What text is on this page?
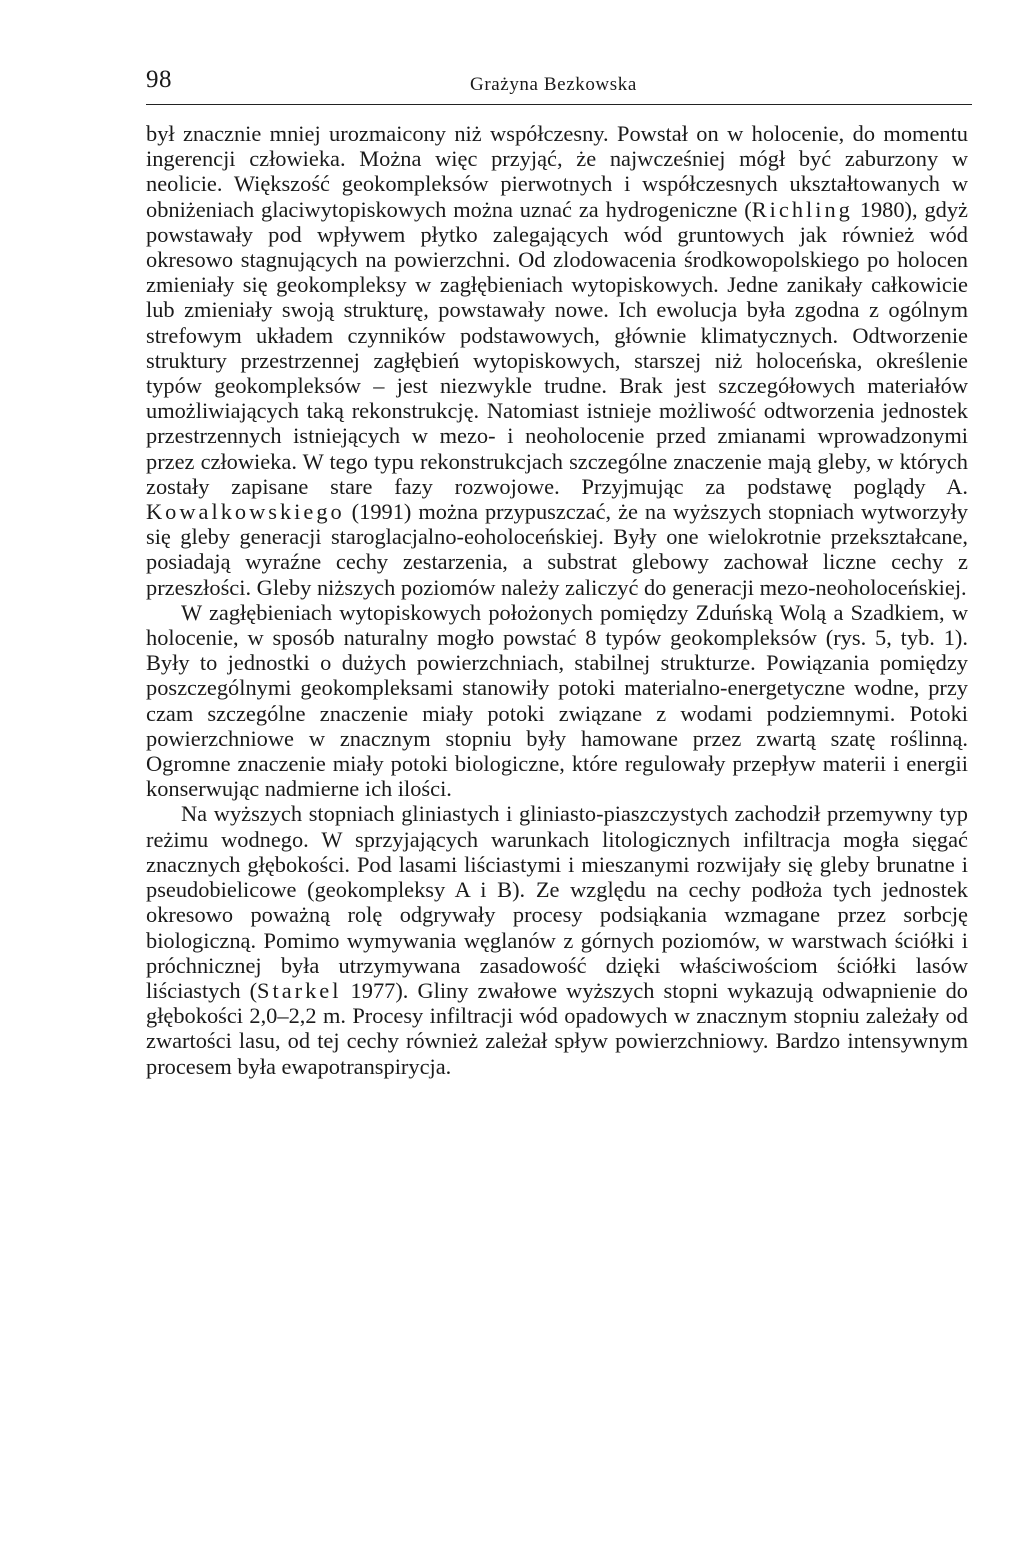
98	Grażyna Bezkowska

był znacznie mniej urozmaicony niż współczesny. Powstał on w holocenie, do momentu ingerencji człowieka. Można więc przyjąć, że najwcześniej mógł być zaburzony w neolicie. Większość geokompleksów pierwotnych i współczesnych ukształtowanych w obniżeniach glaciwytopiskowych można uznać za hydrogeniczne (Richling 1980), gdyż powstawały pod wpływem płytko zalegających wód gruntowych jak również wód okresowo stagnujących na powierzchni. Od zlodowacenia środkowopolskiego po holocen zmieniały się geokompleksy w zagłębieniach wytopiskowych. Jedne zanikały całkowicie lub zmieniały swoją strukturę, powstawały nowe. Ich ewolucja była zgodna z ogólnym strefowym układem czynników podstawowych, głównie klimatycznych. Odtworzenie struktury przestrzennej zagłębień wytopiskowych, starszej niż holoceńska, określenie typów geokompleksów – jest niezwykle trudne. Brak jest szczegółowych materiałów umożliwiających taką rekonstrukcję. Natomiast istnieje możliwość odtworzenia jednostek przestrzennych istniejących w mezo- i neoholocenie przed zmianami wprowadzonymi przez człowieka. W tego typu rekonstrukcjach szczególne znaczenie mają gleby, w których zostały zapisane stare fazy rozwojowe. Przyjmując za podstawę poglądy A. Kowalkowskiego (1991) można przypuszczać, że na wyższych stopniach wytworzyły się gleby generacji staroglacjalno-eoholoceńskiej. Były one wielokrotnie przekształcane, posiadają wyraźne cechy zestarzenia, a substrat glebowy zachował liczne cechy z przeszłości. Gleby niższych poziomów należy zaliczyć do generacji mezo-neoholoceńskiej.

W zagłębieniach wytopiskowych położonych pomiędzy Zduńską Wolą a Szadkiem, w holocenie, w sposób naturalny mogło powstać 8 typów geokompleksów (rys. 5, tyb. 1). Były to jednostki o dużych powierzchniach, stabilnej strukturze. Powiązania pomiędzy poszczególnymi geokompleksami stanowiły potoki materialno-energetyczne wodne, przy czam szczególne znaczenie miały potoki związane z wodami podziemnymi. Potoki powierzchniowe w znacznym stopniu były hamowane przez zwartą szatę roślinną. Ogromne znaczenie miały potoki biologiczne, które regulowały przepływ materii i energii konserwując nadmierne ich ilości.

Na wyższych stopniach gliniastych i gliniasto-piaszczystych zachodził przemywny typ reżimu wodnego. W sprzyjających warunkach litologicznych infiltracja mogła sięgać znacznych głębokości. Pod lasami liściastymi i mieszanymi rozwijały się gleby brunatne i pseudobielicowe (geokompleksy A i B). Ze względu na cechy podłoża tych jednostek okresowo poważną rolę odgrywały procesy podsiąkania wzmagane przez sorbcję biologiczną. Pomimo wymywania węglanów z górnych poziomów, w warstwach ściółki i próchnicznej była utrzymywana zasadowość dzięki właściwościom ściółki lasów liściastych (Starkel 1977). Gliny zwałowe wyższych stopni wykazują odwapnienie do głębokości 2,0–2,2 m. Procesy infiltracji wód opadowych w znacznym stopniu zależały od zwartości lasu, od tej cechy również zależał spływ powierzchniowy. Bardzo intensywnym procesem była ewapotranspirycja.
